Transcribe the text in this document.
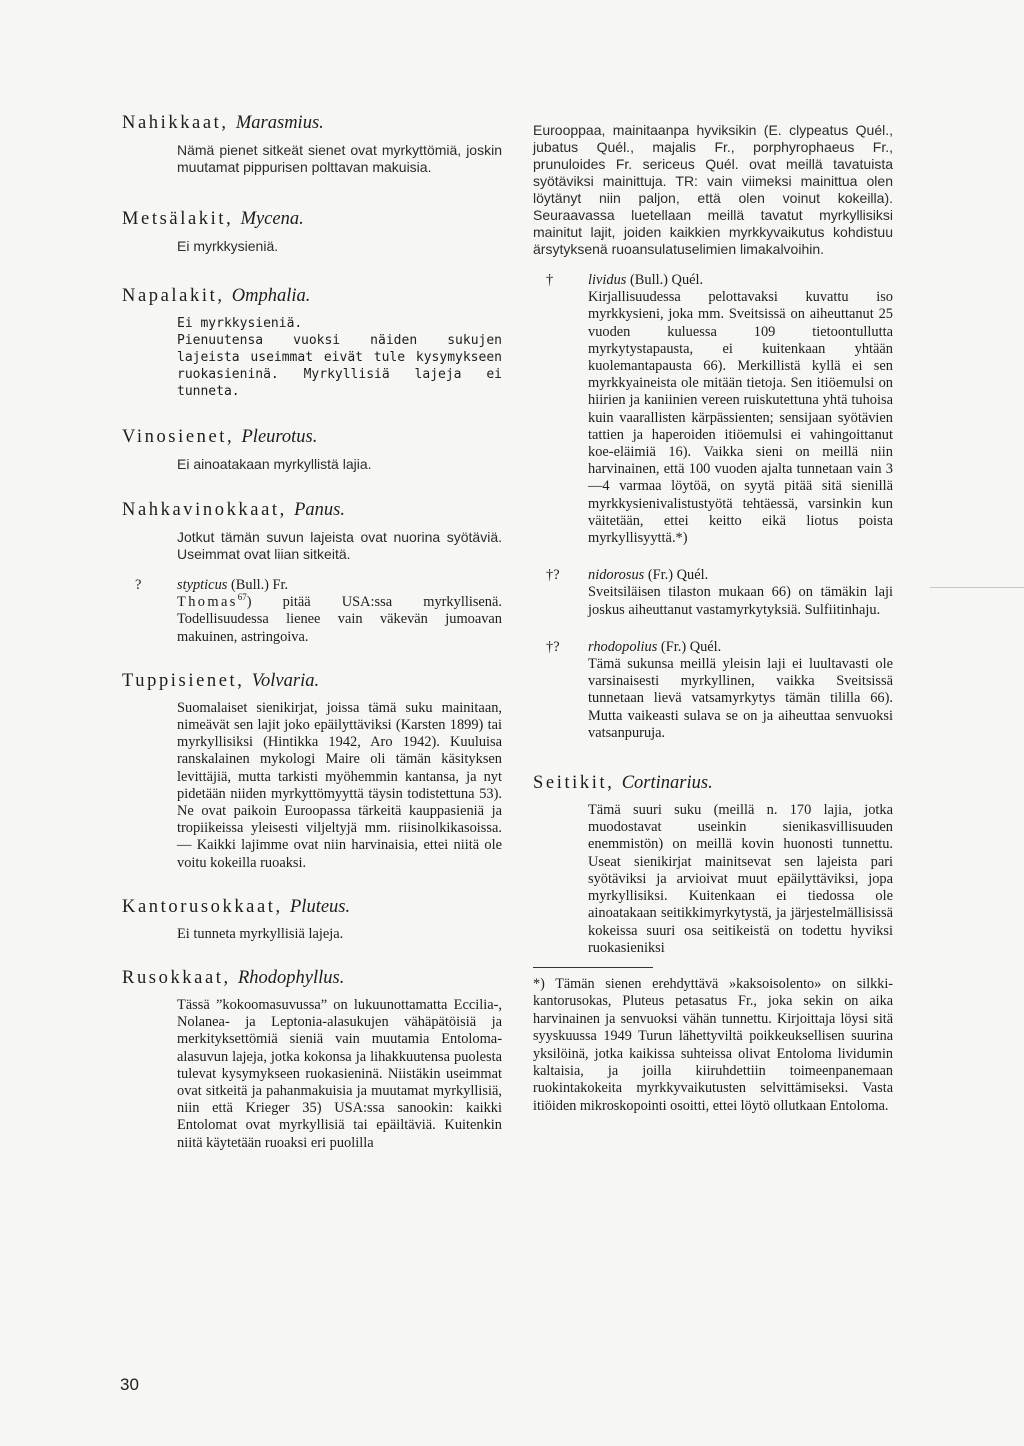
Nahikkaat, Marasmius.

Nämä pienet sitkeät sienet ovat myrkyttömiä, joskin muutamat pippurisen polttavan makuisia.

Metsälakit, Mycena.

Ei myrkkysieniä.

Napalakit, Omphalia.

Ei myrkkysieniä.

Pienuutensa vuoksi näiden sukujen lajeista useimmat eivät tule kysymykseen ruokasieninä. Myrkyllisiä lajeja ei tunneta.

Vinosienet, Pleurotus.

Ei ainoatakaan myrkyllistä lajia.

Nahkavinokkaat, Panus.

Jotkut tämän suvun lajeista ovat nuorina syötäviä. Useimmat ovat liian sitkeitä.

?	stypticus (Bull.) Fr.
Thomas$^{67}$) pitää USA:ssa myrkyllisenä. Todellisuudessa lienee vain väkevän jumoavan makuinen, astringoiva.

Tuppisienet, Volvaria.

Suomalaiset sienikirjat, joissa tämä suku mainitaan, nimeävät sen lajit joko epäilyttäviksi (Karsten 1899) tai myrkyllisiksi (Hintikka 1942, Aro 1942). Kuuluisa ranskalainen mykologi Maire oli tämän käsityksen levittäjiä, mutta tarkisti myöhemmin kantansa, ja nyt pidetään niiden myrkyttömyyttä täysin todistettuna 53). Ne ovat paikoin Euroopassa tärkeitä kauppasieniä ja tropiikeissa yleisesti viljeltyjä mm. riisinolkikasoissa. — Kaikki lajimme ovat niin harvinaisia, ettei niitä ole voitu kokeilla ruoaksi.

Kantorusokkaat, Pluteus.

Ei tunneta myrkyllisiä lajeja.

Rusokkaat, Rhodophyllus.

Tässä ”kokoomasuvussa” on lukuunottamatta Eccilia-, Nolanea- ja Leptonia-alasukujen vähäpätöisiä ja merkityksettömiä sieniä vain muutamia Entoloma-alasuvun lajeja, jotka kokonsa ja lihakkuutensa puolesta tulevat kysymykseen ruokasieninä. Niistäkin useimmat ovat sitkeitä ja pahanmakuisia ja muutamat myrkyllisiä, niin että Krieger 35) USA:ssa sanookin: kaikki Entolomat ovat myrkyllisiä tai epäiltäviä. Kuitenkin niitä käytetään ruoaksi eri puolilla

Eurooppaa, mainitaanpa hyviksikin (E. clypeatus Quél., jubatus Quél., majalis Fr., porphyrophaeus Fr., prunuloides Fr. sericeus Quél. ovat meillä tavatuista syötäviksi mainittuja. TR: vain viimeksi mainittua olen löytänyt niin paljon, että olen voinut kokeilla). Seuraavassa luetellaan meillä tavatut myrkyllisiksi mainitut lajit, joiden kaikkien myrkkyvaikutus kohdistuu ärsytyksenä ruoansulatuselimien limakalvoihin.

†	lividus (Bull.) Quél.

Kirjallisuudessa pelottavaksi kuvattu iso myrkkysieni, joka mm. Sveitsissä on aiheuttanut 25 vuoden kuluessa 109 tietoontullutta myrkytystapausta, ei kuitenkaan yhtään kuolemantapausta 66). Merkillistä kyllä ei sen myrkkyaineista ole mitään tietoja. Sen itiöemulsi on hiirien ja kaniinien vereen ruiskutettuna yhtä tuhoisa kuin vaarallisten kärpässienten; sensijaan syötävien tattien ja haperoiden itiöemulsi ei vahingoittanut koe-eläimiä 16). Vaikka sieni on meillä niin harvinainen, että 100 vuoden ajalta tunnetaan vain 3—4 varmaa löytöä, on syytä pitää sitä sienillä myrkkysienivalistustyötä tehtäessä, varsinkin kun väitetään, ettei keitto eikä liotus poista myrkyllisyyttä.*)

†?	nidorosus (Fr.) Quél.

Sveitsiläisen tilaston mukaan 66) on tämäkin laji joskus aiheuttanut vastamyrkytyksiä. Sulfiitinhaju.

†?	rhodopolius (Fr.) Quél.

Tämä sukunsa meillä yleisin laji ei luultavasti ole varsinaisesti myrkyllinen, vaikka Sveitsissä tunnetaan lievä vatsamyrkytys tämän tililla 66). Mutta vaikeasti sulava se on ja aiheuttaa senvuoksi vatsanpuruja.

Seitikit, Cortinarius.

Tämä suuri suku (meillä n. 170 lajia, jotka muodostavat useinkin sienikasvillisuuden enemmistön) on meillä kovin huonosti tunnettu. Useat sienikirjat mainitsevat sen lajeista pari syötäviksi ja arvioivat muut epäilyttäviksi, jopa myrkyllisiksi. Kuitenkaan ei tiedossa ole ainoatakaan seitikkimyrkytystä, ja järjestelmällisissä kokeissa suuri osa seitikeistä on todettu hyviksi ruokasieniksi

*) Tämän sienen erehdyttävä »kaksoisolento» on silkki-kantorusokas, Pluteus petasatus Fr., joka sekin on aika harvinainen ja senvuoksi vähän tunnettu. Kirjoittaja löysi sitä syyskuussa 1949 Turun lähettyviltä poikkeuksellisen suurina yksilöinä, jotka kaikissa suhteissa olivat Entoloma lividumin kaltaisia, ja joilla kiiruhdettiin toimeenpanemaan ruokintakokeita myrkkyvaikutusten selvittämiseksi. Vasta itiöiden mikroskopointi osoitti, ettei löytö ollutkaan Entoloma.

30
